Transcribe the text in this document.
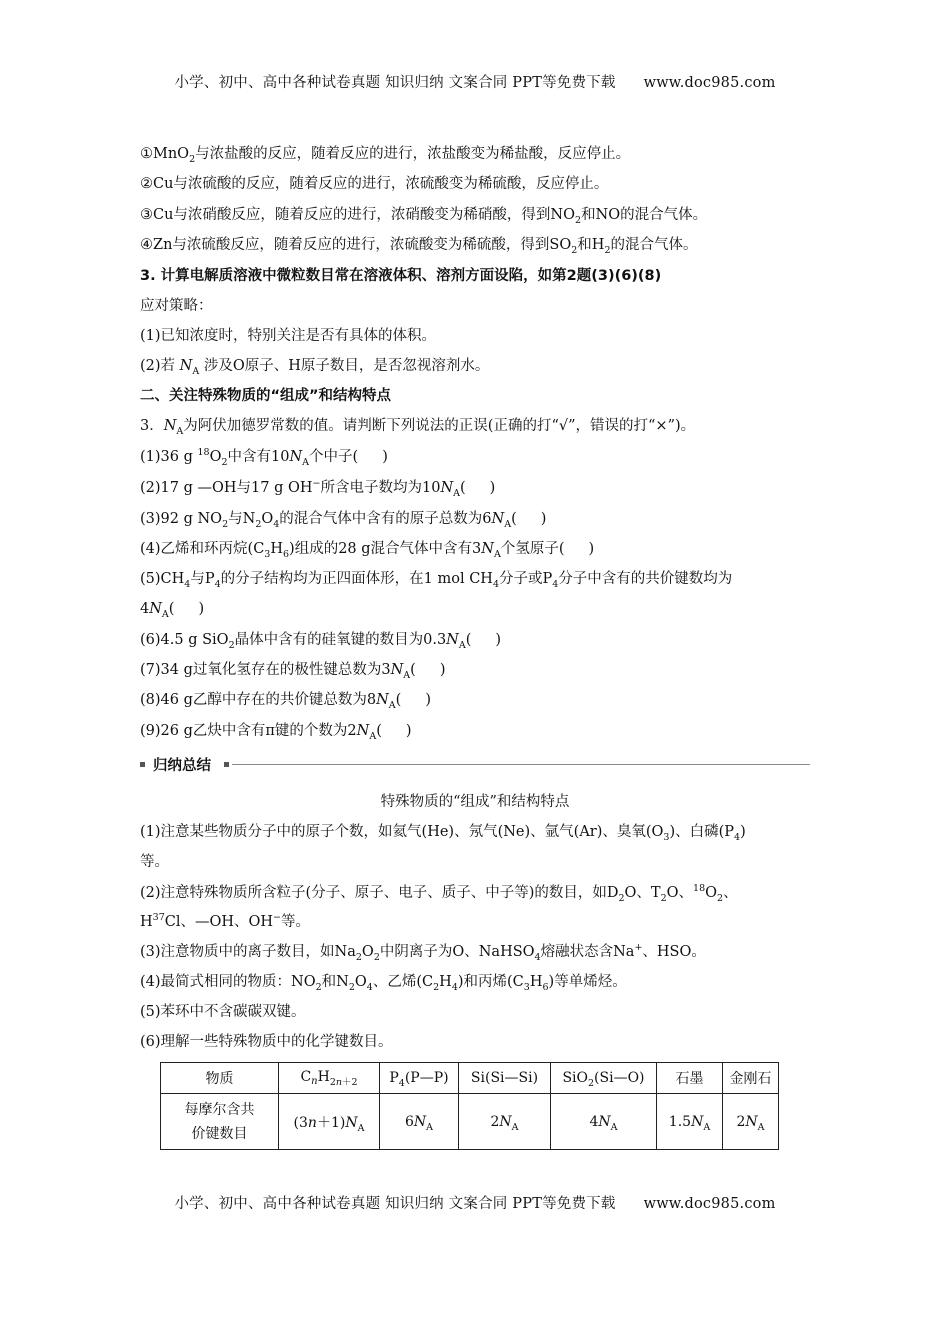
小学、初中、高中各种试卷真题 知识归纳 文案合同 PPT等免费下载 www.doc985.com
①MnO$_2$与浓盐酸的反应，随着反应的进行，浓盐酸变为稀盐酸，反应停止。
②Cu与浓硫酸的反应，随着反应的进行，浓硫酸变为稀硫酸，反应停止。
③Cu与浓硝酸反应，随着反应的进行，浓硝酸变为稀硝酸，得到$NO_2$和NO的混合气体。
④Zn与浓硫酸反应，随着反应的进行，浓硫酸变为稀硫酸，得到$SO_2$和$H_2$的混合气体。
3. 计算电解质溶液中微粒数目常在溶液体积、溶剂方面设陷，如第2题(3)(6)(8)
应对策略：
(1)已知浓度时，特别关注是否有具体的体积。
(2)若 $N_A$ 涉及O原子、H原子数目，是否忽视溶剂水。
二、关注特殊物质的“组成”和结构特点
3．$N_A$为阿伏加德罗常数的值。请判断下列说法的正误(正确的打“√”，错误的打“×”)。
(1)36 g $^{18}O_2$中含有$10N_A$个中子( )
(2)17 g —OH与17 g OH−所含电子数均为$10N_A$( )
(3)92 g $NO_2$与$N_2O_4$的混合气体中含有的原子总数为$6N_A$( )
(4)乙烯和环丙烷$(C_3H_6)$组成的28 g混合气体中含有$3N_A$个氢原子( )
$(5)CH_4$与$P_4$的分子结构均为正四面体形，在1 mol $CH_4$分子或$P_4$分子中含有的共价键数均为
$4N_A$( )
(6)4.5 g SiO$_2$晶体中含有的硅氧键的数目为$0.3N_A$( )
(7)34 g过氧化氢存在的极性键总数为$3N_A$( )
(8)46 g乙醇中存在的共价键总数为$8N_A$( )
(9)26 g乙炔中含有π键的个数为$2N_A$( )
归纳总结
特殊物质的“组成”和结构特点
(1)注意某些物质分子中的原子个数，如氦气(He)、氖气(Ne)、氩气(Ar)、臭氧$(O_3)$、白磷$(P_4)$
等。
(2)注意特殊物质所含粒子(分子、原子、电子、质子、中子等)的数目，如$D_2O$、$T_2O$、$^{18}O_2$、
$H^{37}Cl$、—OH、OH−等。
(3)注意物质中的离子数目，如$Na_2O_2$中阴离子为O、NaHSO$_4$熔融状态含Na+、HSO。
(4)最简式相同的物质：$NO_2$和$N_2O_4$、乙烯$(C_2H_4)$和丙烯$(C_3H_6)$等单烯烃。
(5)苯环中不含碳碳双键。
(6)理解一些特殊物质中的化学键数目。
物质	$C_nH_{2n+2}$	$P_4(P—P)$	Si(Si—Si)	SiO$_2$(Si—O)	石墨	金刚石
每摩尔含共
价键数目	$(3n+1)N_A$	$6N_A$	$2N_A$	$4N_A$	$1.5N_A$	$2N_A$
小学、初中、高中各种试卷真题 知识归纳 文案合同 PPT等免费下载 www.doc985.com
